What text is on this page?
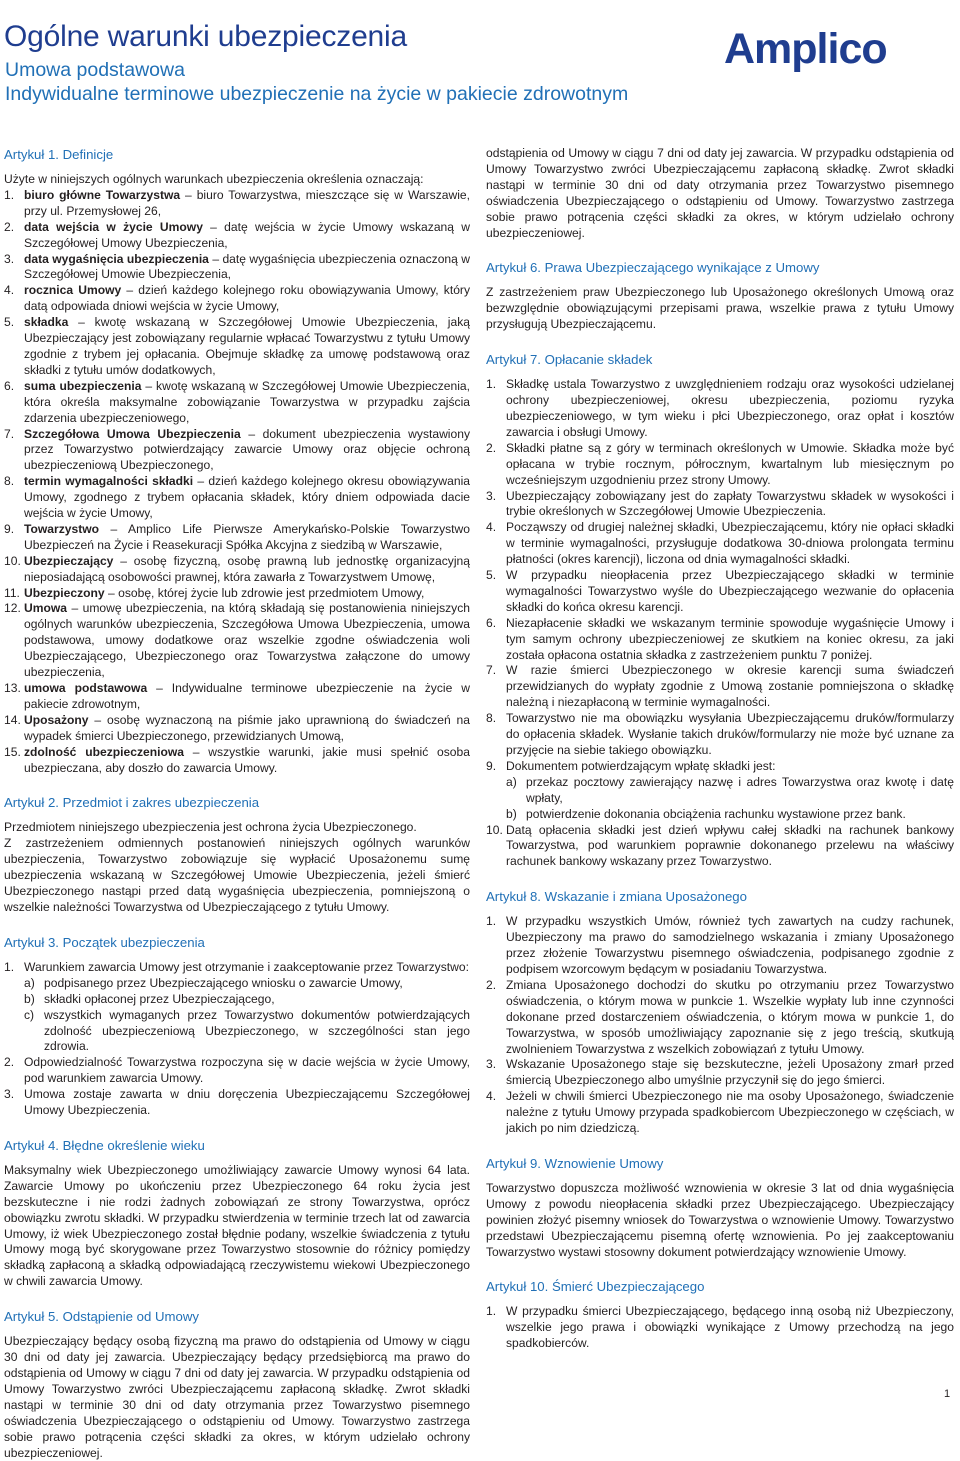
Ogólne warunki ubezpieczenia
Umowa podstawowa
Indywidualne terminowe ubezpieczenie na życie w pakiecie zdrowotnym
Amplico
Artykuł 1. Definicje

Użyte w niniejszych ogólnych warunkach ubezpieczenia określenia oznaczają:

1. biuro główne Towarzystwa – biuro Towarzystwa, mieszczące się w Warszawie, przy ul. Przemysłowej 26,
2. data wejścia w życie Umowy – datę wejścia w życie Umowy wskazaną w Szczegółowej Umowy Ubezpieczenia,
3. data wygaśnięcia ubezpieczenia – datę wygaśnięcia ubezpieczenia oznaczoną w Szczegółowej Umowie Ubezpieczenia,
4. rocznica Umowy – dzień każdego kolejnego roku obowiązywania Umowy, który datą odpowiada dniowi wejścia w życie Umowy,
5. składka – kwotę wskazaną w Szczegółowej Umowie Ubezpieczenia, jaką Ubezpieczający jest zobowiązany regularnie wpłacać Towarzystwu z tytułu Umowy zgodnie z trybem jej opłacania. Obejmuje składkę za umowę podstawową oraz składki z tytułu umów dodatkowych,
6. suma ubezpieczenia – kwotę wskazaną w Szczegółowej Umowie Ubezpieczenia, która określa maksymalne zobowiązanie Towarzystwa w przypadku zajścia zdarzenia ubezpieczeniowego,
7. Szczegółowa Umowa Ubezpieczenia – dokument ubezpieczenia wystawiony przez Towarzystwo potwierdzający zawarcie Umowy oraz objęcie ochroną ubezpieczeniową Ubezpieczonego,
8. termin wymagalności składki – dzień każdego kolejnego okresu obowiązywania Umowy, zgodnego z trybem opłacania składek, który dniem odpowiada dacie wejścia w życie Umowy,
9. Towarzystwo – Amplico Life Pierwsze Amerykańsko-Polskie Towarzystwo Ubezpieczeń na Życie i Reasekuracji Spółka Akcyjna z siedzibą w Warszawie,
10. Ubezpieczający – osobę fizyczną, osobę prawną lub jednostkę organizacyjną nieposiadającą osobowości prawnej, która zawarła z Towarzystwem Umowę,
11. Ubezpieczony – osobę, której życie lub zdrowie jest przedmiotem Umowy,
12. Umowa – umowę ubezpieczenia, na którą składają się postanowienia niniejszych ogólnych warunków ubezpieczenia, Szczegółowa Umowa Ubezpieczenia, umowa podstawowa, umowy dodatkowe oraz wszelkie zgodne oświadczenia woli Ubezpieczającego, Ubezpieczonego oraz Towarzystwa załączone do umowy ubezpieczenia,
13. umowa podstawowa – Indywidualne terminowe ubezpieczenie na życie w pakiecie zdrowotnym,
14. Uposażony – osobę wyznaczoną na piśmie jako uprawnioną do świadczeń na wypadek śmierci Ubezpieczonego, przewidzianych Umową,
15. zdolność ubezpieczeniowa – wszystkie warunki, jakie musi spełnić osoba ubezpieczana, aby doszło do zawarcia Umowy.
Artykuł 2. Przedmiot i zakres ubezpieczenia

Przedmiotem niniejszego ubezpieczenia jest ochrona życia Ubezpieczonego.

Z zastrzeżeniem odmiennych postanowień niniejszych ogólnych warunków ubezpieczenia, Towarzystwo zobowiązuje się wypłacić Uposażonemu sumę ubezpieczenia wskazaną w Szczegółowej Umowie Ubezpieczenia, jeżeli śmierć Ubezpieczonego nastąpi przed datą wygaśnięcia ubezpieczenia, pomniejszoną o wszelkie należności Towarzystwa od Ubezpieczającego z tytułu Umowy.

Artykuł 3. Początek ubezpieczenia
1. Warunkiem zawarcia Umowy jest otrzymanie i zaakceptowanie przez Towarzystwo:
a) podpisanego przez Ubezpieczającego wniosku o zawarcie Umowy,
b) składki opłaconej przez Ubezpieczającego,
c) wszystkich wymaganych przez Towarzystwo dokumentów potwierdzających zdolność ubezpieczeniową Ubezpieczonego, w szczególności stan jego zdrowia.
2. Odpowiedzialność Towarzystwa rozpoczyna się w dacie wejścia w życie Umowy, pod warunkiem zawarcia Umowy.
3. Umowa zostaje zawarta w dniu doręczenia Ubezpieczającemu Szczegółowej Umowy Ubezpieczenia.
Artykuł 4. Błędne określenie wieku

Maksymalny wiek Ubezpieczonego umożliwiający zawarcie Umowy wynosi 64 lata. Zawarcie Umowy po ukończeniu przez Ubezpieczonego 64 roku życia jest bezskuteczne i nie rodzi żadnych zobowiązań ze strony Towarzystwa, oprócz obowiązku zwrotu składki. W przypadku stwierdzenia w terminie trzech lat od zawarcia Umowy, iż wiek Ubezpieczonego został błędnie podany, wszelkie świadczenia z tytułu Umowy mogą być skorygowane przez Towarzystwo stosownie do różnicy pomiędzy składką zapłaconą a składką odpowiadającą rzeczywistemu wiekowi Ubezpieczonego w chwili zawarcia Umowy.

Artykuł 5. Odstąpienie od Umowy

Ubezpieczający będący osobą fizyczną ma prawo do odstąpienia od Umowy w ciągu 30 dni od daty jej zawarcia. Ubezpieczający będący przedsiębiorcą ma prawo do odstąpienia od Umowy w ciągu 7 dni od daty jej zawarcia. W przypadku odstąpienia od Umowy Towarzystwo zwróci Ubezpieczającemu zapłaconą składkę. Zwrot składki nastąpi w terminie 30 dni od daty otrzymania przez Towarzystwo pisemnego oświadczenia Ubezpieczającego o odstąpieniu od Umowy. Towarzystwo zastrzega sobie prawo potrącenia części składki za okres, w którym udzielało ochrony ubezpieczeniowej.

odstąpienia od Umowy w ciągu 7 dni od daty jej zawarcia. W przypadku odstąpienia od Umowy Towarzystwo zwróci Ubezpieczającemu zapłaconą składkę. Zwrot składki nastąpi w terminie 30 dni od daty otrzymania przez Towarzystwo pisemnego oświadczenia Ubezpieczającego o odstąpieniu od Umowy. Towarzystwo zastrzega sobie prawo potrącenia części składki za okres, w którym udzielało ochrony ubezpieczeniowej.

Artykuł 6. Prawa Ubezpieczającego wynikające z Umowy

Z zastrzeżeniem praw Ubezpieczonego lub Uposażonego określonych Umową oraz bezwzględnie obowiązującymi przepisami prawa, wszelkie prawa z tytułu Umowy przysługują Ubezpieczającemu.

Artykuł 7. Opłacanie składek
1. Składkę ustala Towarzystwo z uwzględnieniem rodzaju oraz wysokości udzielanej ochrony ubezpieczeniowej, okresu ubezpieczenia, poziomu ryzyka ubezpieczeniowego, w tym wieku i płci Ubezpieczonego, oraz opłat i kosztów zawarcia i obsługi Umowy.
2. Składki płatne są z góry w terminach określonych w Umowie. Składka może być opłacana w trybie rocznym, półrocznym, kwartalnym lub miesięcznym po wcześniejszym uzgodnieniu przez strony Umowy.
3. Ubezpieczający zobowiązany jest do zapłaty Towarzystwu składek w wysokości i trybie określonych w Szczegółowej Umowie Ubezpieczenia.
4. Począwszy od drugiej należnej składki, Ubezpieczającemu, który nie opłaci składki w terminie wymagalności, przysługuje dodatkowa 30-dniowa prolongata terminu płatności (okres karencji), liczona od dnia wymagalności składki.
5. W przypadku nieopłacenia przez Ubezpieczającego składki w terminie wymagalności Towarzystwo wyśle do Ubezpieczającego wezwanie do opłacenia składki do końca okresu karencji.
6. Niezapłacenie składki we wskazanym terminie spowoduje wygaśnięcie Umowy i tym samym ochrony ubezpieczeniowej ze skutkiem na koniec okresu, za jaki została opłacona ostatnia składka z zastrzeżeniem punktu 7 poniżej.
7. W razie śmierci Ubezpieczonego w okresie karencji suma świadczeń przewidzianych do wypłaty zgodnie z Umową zostanie pomniejszona o składkę należną i niezapłaconą w terminie wymagalności.
8. Towarzystwo nie ma obowiązku wysyłania Ubezpieczającemu druków/formularzy do opłacenia składek. Wysłanie takich druków/formularzy nie może być uznane za przyjęcie na siebie takiego obowiązku.
9. Dokumentem potwierdzającym wpłatę składki jest:
a) przekaz pocztowy zawierający nazwę i adres Towarzystwa oraz kwotę i datę wpłaty,
b) potwierdzenie dokonania obciążenia rachunku wystawione przez bank.
10. Datą opłacenia składki jest dzień wpływu całej składki na rachunek bankowy Towarzystwa, pod warunkiem poprawnie dokonanego przelewu na właściwy rachunek bankowy wskazany przez Towarzystwo.
Artykuł 8. Wskazanie i zmiana Uposażonego
1. W przypadku wszystkich Umów, również tych zawartych na cudzy rachunek, Ubezpieczony ma prawo do samodzielnego wskazania i zmiany Uposażonego przez złożenie Towarzystwu pisemnego oświadczenia, podpisanego zgodnie z podpisem wzorcowym będącym w posiadaniu Towarzystwa.
2. Zmiana Uposażonego dochodzi do skutku po otrzymaniu przez Towarzystwo oświadczenia, o którym mowa w punkcie 1. Wszelkie wypłaty lub inne czynności dokonane przed dostarczeniem oświadczenia, o którym mowa w punkcie 1, do Towarzystwa, w sposób umożliwiający zapoznanie się z jego treścią, skutkują zwolnieniem Towarzystwa z wszelkich zobowiązań z tytułu Umowy.
3. Wskazanie Uposażonego staje się bezskuteczne, jeżeli Uposażony zmarł przed śmiercią Ubezpieczonego albo umyślnie przyczynił się do jego śmierci.
4. Jeżeli w chwili śmierci Ubezpieczonego nie ma osoby Uposażonego, świadczenie należne z tytułu Umowy przypada spadkobiercom Ubezpieczonego w częściach, w jakich po nim dziedziczą.
Artykuł 9. Wznowienie Umowy

Towarzystwo dopuszcza możliwość wznowienia w okresie 3 lat od dnia wygaśnięcia Umowy z powodu nieopłacenia składki przez Ubezpieczającego. Ubezpieczający powinien złożyć pisemny wniosek do Towarzystwa o wznowienie Umowy. Towarzystwo przedstawi Ubezpieczającemu pisemną ofertę wznowienia. Po jej zaakceptowaniu Towarzystwo wystawi stosowny dokument potwierdzający wznowienie Umowy.

Artykuł 10. Śmierć Ubezpieczającego
1. W przypadku śmierci Ubezpieczającego, będącego inną osobą niż Ubezpieczony, wszelkie jego prawa i obowiązki wynikające z Umowy przechodzą na jego spadkobierców.
1
